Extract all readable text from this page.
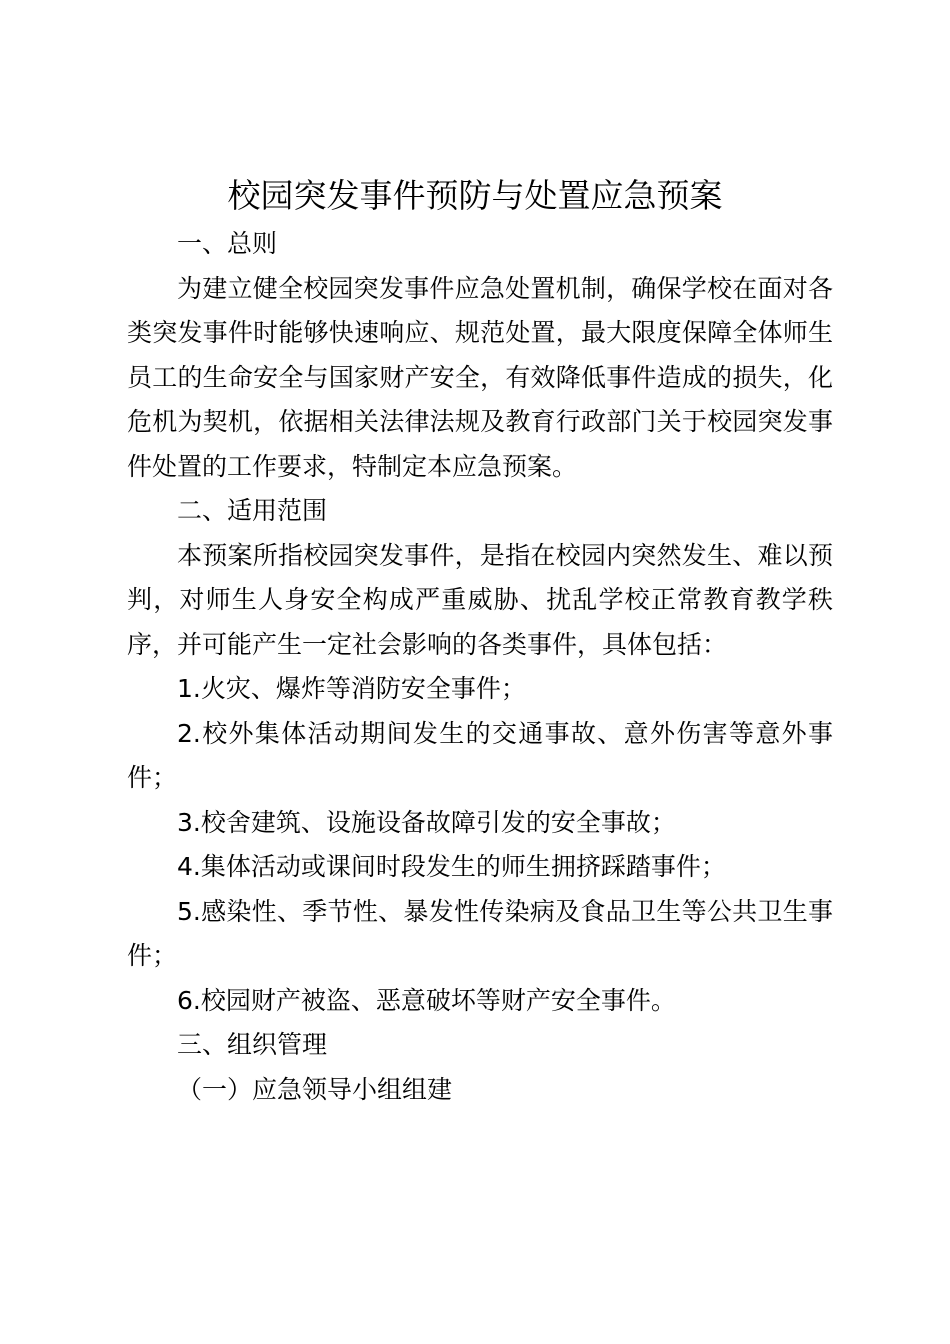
校园突发事件预防与处置应急预案

一、总则

为建立健全校园突发事件应急处置机制，确保学校在面对各类突发事件时能够快速响应、规范处置，最大限度保障全体师生员工的生命安全与国家财产安全，有效降低事件造成的损失，化危机为契机，依据相关法律法规及教育行政部门关于校园突发事件处置的工作要求，特制定本应急预案。

二、适用范围

本预案所指校园突发事件，是指在校园内突然发生、难以预判，对师生人身安全构成严重威胁、扰乱学校正常教育教学秩序，并可能产生一定社会影响的各类事件，具体包括：

1.火灾、爆炸等消防安全事件；

2.校外集体活动期间发生的交通事故、意外伤害等意外事件；

3.校舍建筑、设施设备故障引发的安全事故；

4.集体活动或课间时段发生的师生拥挤踩踏事件；

5.感染性、季节性、暴发性传染病及食品卫生等公共卫生事件；

6.校园财产被盗、恶意破坏等财产安全事件。

三、组织管理

（一）应急领导小组组建
